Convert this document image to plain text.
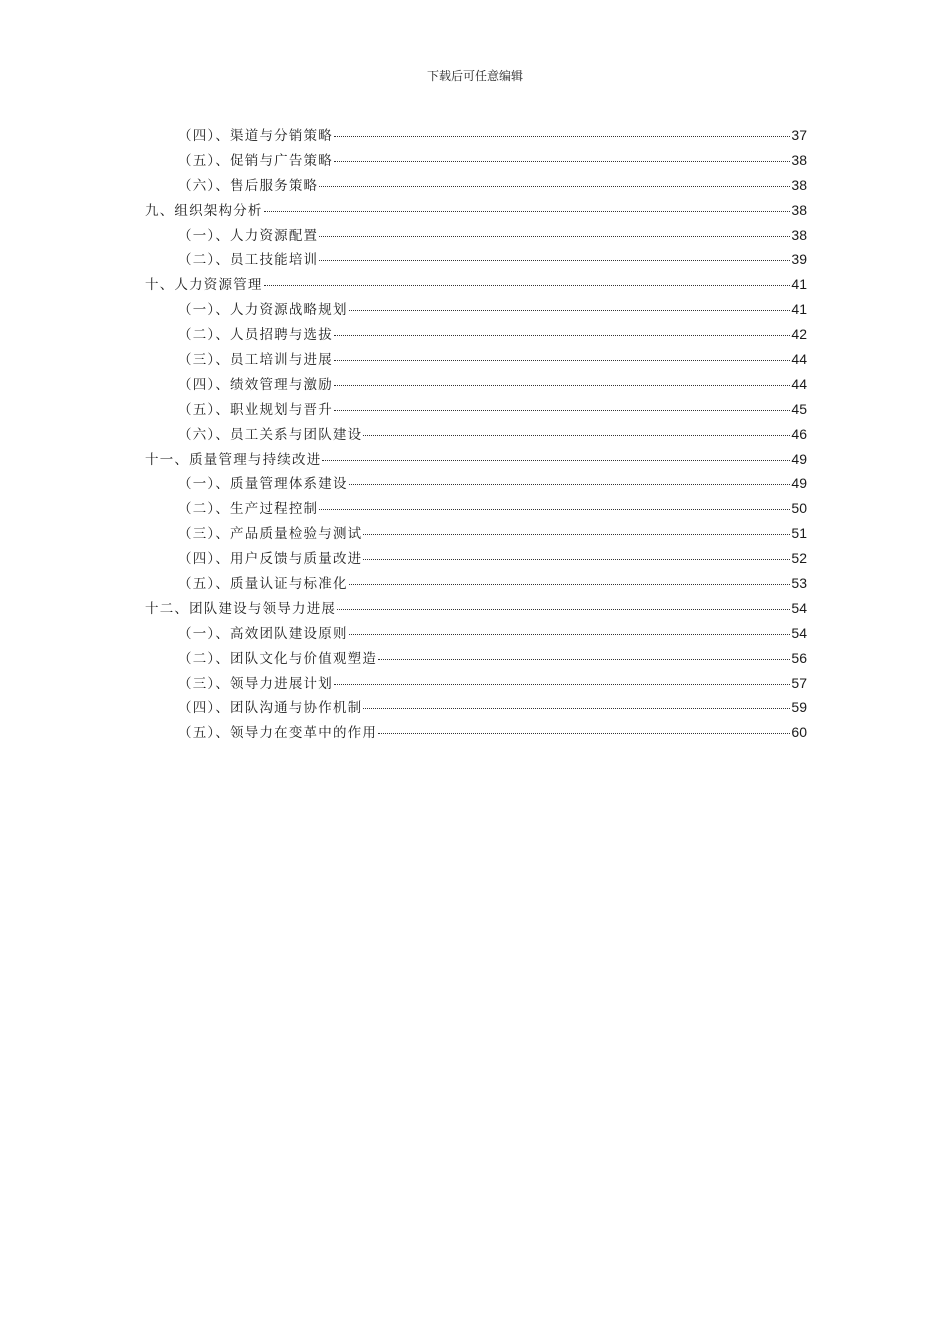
下载后可任意编辑
（四）、渠道与分销策略	37
（五）、促销与广告策略	38
（六）、售后服务策略	38
九、组织架构分析	38
（一）、人力资源配置	38
（二）、员工技能培训	39
十、人力资源管理	41
（一）、人力资源战略规划	41
（二）、人员招聘与选拔	42
（三）、员工培训与进展	44
（四）、绩效管理与激励	44
（五）、职业规划与晋升	45
（六）、员工关系与团队建设	46
十一、质量管理与持续改进	49
（一）、质量管理体系建设	49
（二）、生产过程控制	50
（三）、产品质量检验与测试	51
（四）、用户反馈与质量改进	52
（五）、质量认证与标准化	53
十二、团队建设与领导力进展	54
（一）、高效团队建设原则	54
（二）、团队文化与价值观塑造	56
（三）、领导力进展计划	57
（四）、团队沟通与协作机制	59
（五）、领导力在变革中的作用	60
